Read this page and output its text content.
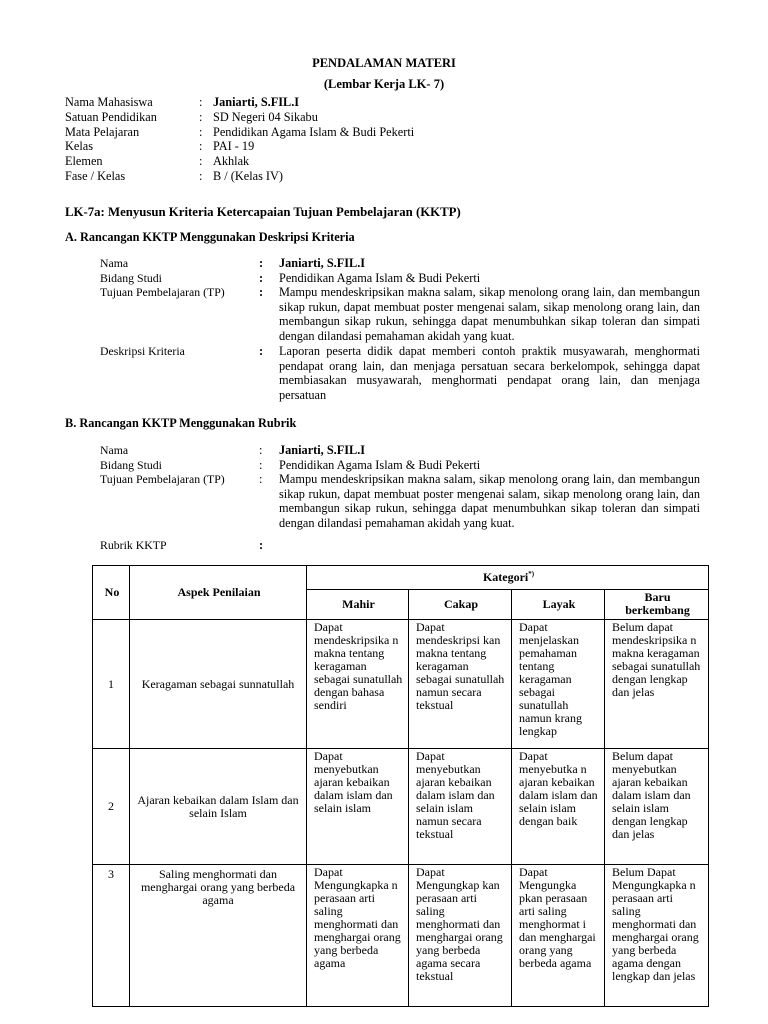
PENDALAMAN MATERI
(Lembar Kerja LK- 7)
Nama Mahasiswa	: Janiarti, S.FIL.I
Satuan Pendidikan	: SD Negeri 04 Sikabu
Mata Pelajaran	: Pendidikan Agama Islam & Budi Pekerti
Kelas	: PAI - 19
Elemen	: Akhlak
Fase / Kelas	: B / (Kelas IV)
LK-7a: Menyusun Kriteria Ketercapaian Tujuan Pembelajaran (KKTP)
A. Rancangan KKTP Menggunakan Deskripsi Kriteria
Nama	:	Janiarti, S.FIL.I
Bidang Studi	:	Pendidikan Agama Islam & Budi Pekerti
Tujuan Pembelajaran (TP)	:	Mampu mendeskripsikan makna salam, sikap menolong orang lain, dan membangun sikap rukun, dapat membuat poster mengenai salam, sikap menolong orang lain, dan membangun sikap rukun, sehingga dapat menumbuhkan sikap toleran dan simpati dengan dilandasi pemahaman akidah yang kuat.
Deskripsi Kriteria	:	Laporan peserta didik dapat memberi contoh praktik musyawarah, menghormati pendapat orang lain, dan menjaga persatuan secara berkelompok, sehingga dapat membiasakan musyawarah, menghormati pendapat orang lain, dan menjaga persatuan
B. Rancangan KKTP Menggunakan Rubrik
Nama	:	Janiarti, S.FIL.I
Bidang Studi	:	Pendidikan Agama Islam & Budi Pekerti
Tujuan Pembelajaran (TP)	:	Mampu mendeskripsikan makna salam, sikap menolong orang lain, dan membangun sikap rukun, dapat membuat poster mengenai salam, sikap menolong orang lain, dan membangun sikap rukun, sehingga dapat menumbuhkan sikap toleran dan simpati dengan dilandasi pemahaman akidah yang kuat.
Rubrik KKTP	:
No	Aspek Penilaian	Kategori*)
		Mahir	Cakap	Layak	Baru berkembang
1	Keragaman sebagai sunnatullah	Dapat mendeskripsika n makna tentang keragaman sebagai sunatullah dengan bahasa sendiri	Dapat mendeskripsi kan makna tentang keragaman sebagai sunatullah namun secara tekstual	Dapat menjelaskan pemahaman tentang keragaman sebagai sunatullah namun krang lengkap	Belum dapat mendeskripsika n makna keragaman sebagai sunatullah dengan lengkap dan jelas
2	Ajaran kebaikan dalam Islam dan selain Islam	Dapat menyebutkan ajaran kebaikan dalam islam dan selain islam	Dapat menyebutkan ajaran kebaikan dalam islam dan selain islam namun secara tekstual	Dapat menyebutka n ajaran kebaikan dalam islam dan selain islam dengan baik	Belum dapat menyebutkan ajaran kebaikan dalam islam dan selain islam dengan lengkap dan jelas
3	Saling menghormati dan menghargai orang yang berbeda agama	Dapat Mengungkapka n perasaan arti saling menghormati dan menghargai orang yang berbeda agama	Dapat Mengungkap kan perasaan arti saling menghormati dan menghargai orang yang berbeda agama secara tekstual	Dapat Mengungka pkan perasaan arti saling menghormat i dan menghargai orang yang berbeda agama	Belum Dapat Mengungkapka n perasaan arti saling menghormati dan menghargai orang yang berbeda agama dengan lengkap dan jelas
